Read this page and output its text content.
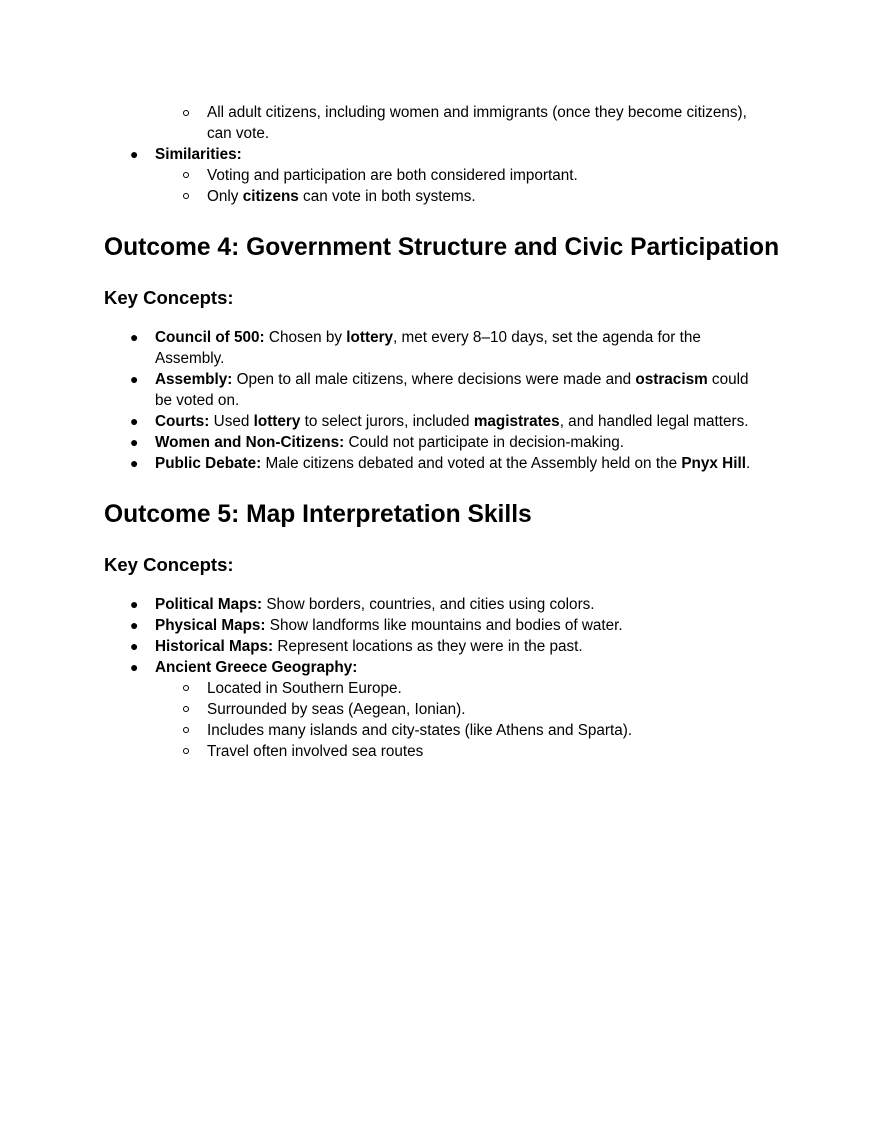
All adult citizens, including women and immigrants (once they become citizens),
can vote.
● Similarities:
Voting and participation are both considered important.
Only citizens can vote in both systems.
Outcome 4: Government Structure and Civic Participation
Key Concepts:
● Council of 500: Chosen by lottery, met every 8–10 days, set the agenda for the
Assembly.
● Assembly: Open to all male citizens, where decisions were made and ostracism could
be voted on.
● Courts: Used lottery to select jurors, included magistrates, and handled legal matters.
● Women and Non-Citizens: Could not participate in decision-making.
● Public Debate: Male citizens debated and voted at the Assembly held on the Pnyx Hill.
Outcome 5: Map Interpretation Skills
Key Concepts:
● Political Maps: Show borders, countries, and cities using colors.
● Physical Maps: Show landforms like mountains and bodies of water.
● Historical Maps: Represent locations as they were in the past.
● Ancient Greece Geography:
Located in Southern Europe.
Surrounded by seas (Aegean, Ionian).
Includes many islands and city-states (like Athens and Sparta).
Travel often involved sea routes
